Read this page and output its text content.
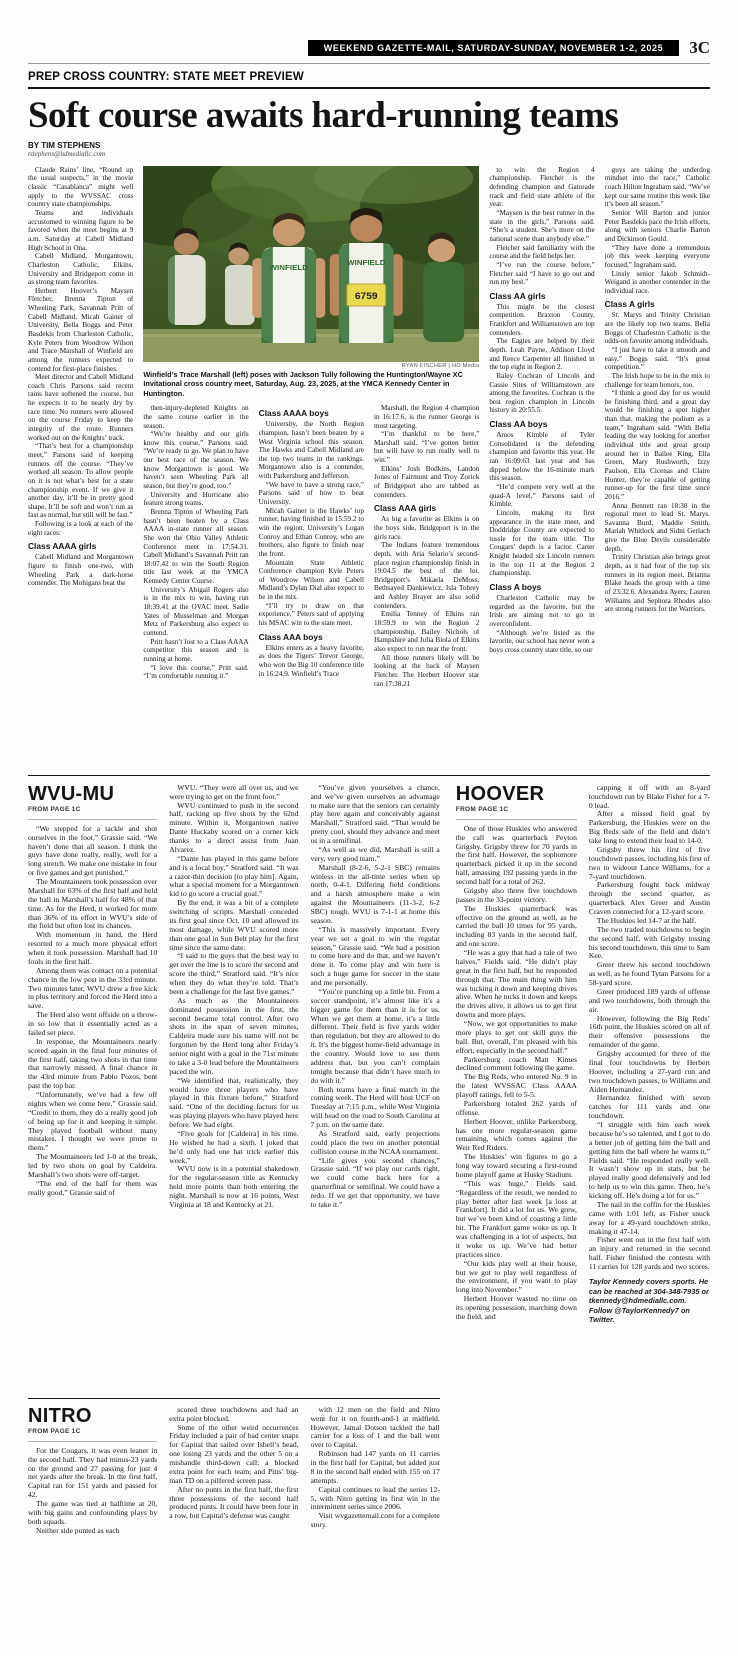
WEEKEND GAZETTE-MAIL, SATURDAY-SUNDAY, NOVEMBER 1-2, 2025	3C
PREP CROSS COUNTRY: STATE MEET PREVIEW
Soft course awaits hard-running teams
BY TIM STEPHENS
tstephens@hdmediallc.com

Claude Rains’ line, “Round up the usual suspects,” in the movie classic “Casablanca” might well apply to the WVSSAC cross country state championships.

Teams and individuals accustomed to winning figure to be favored when the meet begins at 9 a.m. Saturday at Cabell Midland High School in Ona.

Cabell Midland, Morgantown, Charleston Catholic, Elkins, University and Bridgeport come in as strong team favorites.

Herbert Hoover’s Maysen Fletcher, Brenna Tipton of Wheeling Park, Savannah Pritt of Cabell Midland, Micah Gainer of University, Bella Boggs and Peter Basdekis from Charleston Catholic, Kyle Peters from Woodrow Wilson and Trace Marshall of Winfield are among the runners expected to contend for first-place finishes.

Meet director and Cabell Midland coach Chris Parsons said recent rains have softened the course, but he expects it to be nearly dry by race time. No runners were allowed on the course Friday to keep the integrity of the route. Runners worked out on the Knights’ track.

“That’s best for a championship meet,” Parsons said of keeping runners off the course. “They’ve worked all season. To allow people on it is not what’s best for a state championship event. If we give it another day, it’ll be in pretty good shape. It’ll be soft and won’t run as fast as normal, but still will be fast.”

Following is a look at each of the eight races:

Class AAAA girls

Cabell Midland and Morgantown figure to finish one-two, with Wheeling Park a dark-horse contender. The Mohigans beat the

WINFIELD
WINFIELD
6759
RYAN FISCHER | HD Media
Winfield’s Trace Marshall (left) poses with Jackson Tully following the Huntington/Wayne XC Invitational cross country meet, Saturday, Aug. 23, 2025, at the YMCA Kennedy Center in Huntington.

then-injury-depleted Knights on the same course earlier in the season.

“We’re healthy and our girls know this course,” Parsons said. “We’re ready to go. We plan to have our best race of the season. We know Morgantown is good. We haven’t seen Wheeling Park all season, but they’re good, too.”

University and Hurricane also feature strong teams.

Brenna Tipton of Wheeling Park hasn’t been beaten by a Class AAAA in-state runner all season. She won the Ohio Valley Athletic Conference meet in 17:54.31. Cabell Midland’s Savannah Pritt ran 18:07.42 to win the South Region title last week at the YMCA Kennedy Center Course.

University’s Abigail Rogers also is in the mix to win, having run 18:39.41 at the OVAC meet. Sadie Yates of Musselman and Morgan Metz of Parkersburg also expect to contend.

Pritt hasn’t lost to a Class AAAA competitor this season and is running at home.

“I love this course,” Pritt said. “I’m comfortable running it.”

Class AAAA boys

University, the North Region champion, hasn’t been beaten by a West Virginia school this season. The Hawks and Cabell Midland are the top two teams in the rankings. Morgantown also is a contender, with Parkersburg and Jefferson.

“We have to have a strong race,” Parsons said of how to beat University.

Micah Gainer is the Hawks’ top runner, having finished in 15:59.2 to win the region. University’s Logan Conroy and Ethan Conroy, who are brothers, also figure to finish near the front.

Mountain State Athletic Conference champion Kyle Peters of Woodrow Wilson and Cabell Midland’s Dylan Dial also expect to be in the mix.

“I’ll try to draw on that experience,” Peters said of applying his MSAC win to the state meet.

Class AAA boys

Elkins enters as a heavy favorite, as does the Tigers’ Trevor George, who won the Big 10 conference title in 16:24.9. Winfield’s Trace

Marshall, the Region 4 champion in 16:17.6, is the runner George is most targeting.

“I’m thankful to be here,” Marshall said. “I’ve gotten better but will have to run really well to win.”

Elkins’ Josh Bodkins, Landon Jones of Fairmont and Troy Zorick of Bridgeport also are tabbed as contenders.

Class AAA girls

As big a favorite as Elkins is on the boys side, Bridgeport is in the girls race.

The Indians feature tremendous depth, with Aria Selario’s second-place region championship finish in 19:04.5 the best of the lot. Bridgeport’s Mikaela DeMoss, Bethsayed Dankiewicz, Isla Tobrey and Ashley Brayer are also solid contenders.

Emilia Tenney of Elkins ran 18:59.9 to win the Region 2 championship. Bailey Nichols of Hampshire and Julia Biola of Elkins also expect to run near the front.

All those runners likely will be looking at the back of Maysen Fletcher. The Herbert Hoover star ran 17:38.21

to win the Region 4 championship. Fletcher is the defending champion and Gatorade track and field state athlete of the year.

“Maysen is the best runner in the state in the girls,” Parsons said. “She’s a student. She’s more on the national scene than anybody else.”

Fletcher said familiarity with the course and the field helps her.

“I’ve run the course before,” Fletcher said “I have to go out and run my best.”

Class AA girls

This might be the closest competition. Braxton County, Frankfort and Williamstown are top contenders.

The Eagles are helped by their depth. Leah Payne, Addison Lloyd and Reece Carpenter all finished in the top eight in Region 2.

Raley Cochran of Lincoln and Cassie Sites of Williamstown are among the favorites. Cochran is the best region champion in Lincoln history in 20:55.5.

Class AA boys

Amos Kimble of Tyler Consolidated is the defending champion and favorite this year. He ran 16:09.63 last year and has dipped below the 16-minute mark this season.

“He’d compete very well at the quad-A level,” Parsons said of Kimble.

Lincoln, making its first appearance in the state meet, and Doddridge County are expected to tussle for the team title. The Cougars’ depth is a factor. Carter Knight headed six Lincoln runners in the top 11 at the Region 2 championship.

Class A boys

Charleston Catholic may be regarded as the favorite, but the Irish are aiming not to go in overconfident.

“Although we’re listed as the favorite, our school has never won a boys cross country state title, so our

guys are taking the underdog mindset into the race,” Catholic coach Hilton Ingraham said. “We’ve kept our same routine this week like it’s been all season.”

Senior Will Barton and junior Peter Basdekis pace the Irish efforts, along with seniors Charlie Barton and Dickinson Gould.

“They have done a tremendous job this week keeping everyone focused,” Ingraham said.

Linsly senior Jakob Schmidt-Weigand is another contender in the individual race.

Class A girls

St. Marys and Trinity Christian are the likely top two teams. Bella Boggs of Charleston Catholic is the odds-on favorite among individuals.

“I just have to take it smooth and easy,” Boggs said. “It’s great competition.”

The Irish hope to be in the mix to challenge for team honors, too.

“I think a good day for us would be finishing third, and a great day would be finishing a spot higher than that, making the podium as a team,” Ingraham said. “With Bella leading the way looking for another individual title and great group around her in Bailee King, Ella Green, Mary Rushworth, Izzy Paulson, Ella Cicenas and Claire Hunter, they’re capable of getting runner-up for the first time since 2016.”

Anna Bennett ran 18:38 in the regional meet to lead St. Marys. Savanna Burd, Maddie Smith, Mariah Whitlock and Sidni Gerlach give the Blue Devils considerable depth.

Trinity Christian also brings great depth, as it had four of the top six runners in its region meet. Brianna Blake heads the group with a time of 23:32.6. Alexandra Ayers, Lauren Williams and Sephora Rhodes also are strong runners for the Warriors.

WVU-MU
FROM PAGE 1C

“We stepped for a tackle and shot ourselves in the foot,” Grassie said. “We haven’t done that all season. I think the guys have done really, really, well for a long stretch. We make one mistake in four or five games and get punished.”

The Mountaineers took possession over Marshall for 63% of the first half and held the ball in Marshall’s half for 48% of that time. As for the Herd, it worked for more than 36% of its effort in WVU’s side of the field but often lost its chances.

With momentum in hand, the Herd resorted to a much more physical effort when it took possession. Marshall had 10 fouls in the first half.

Among them was contact on a potential chance in the low post in the 33rd minute. Two minutes later, WVU drew a free kick in plus territory and forced the Herd into a save.

The Herd also went offside on a throw-in so low that it essentially acted as a failed set piece.

In response, the Mountaineers nearly scored again in the final four minutes of the first half, taking two shots in that time that narrowly missed. A final chance in the 43rd minute from Pablo Pozos, bent past the top bar.

“Unfortunately, we’ve had a few off nights when we come here,” Grassie said. “Credit to them, they do a really good job of being up for it and keeping it simple. They played football without many mistakes. I thought we were prone to them.”

The Mountaineers led 1-0 at the break, led by two shots on goal by Caldeira. Marshall’s two shots were off-target.

“The end of the half for them was really good,” Grassie said of

WVU. “They were all over us, and we were trying to get on the front foot.”

WVU continued to push in the second half, racking up five shots by the 62nd minute. Within it, Morgantown native Dante Huckaby scored on a corner kick thanks to a direct assist from Juan Alvarez.

“Dante has played in this game before and is a local boy,” Stratford said. “It was a razor-thin decision [to play him]. Again, what a special moment for a Morgantown kid to go score a crucial goal.”

By the end, it was a bit of a complete switching of scripts. Marshall conceded its first goal since Oct. 10 and allowed its most damage, while WVU scored more than one goal in Sun Belt play for the first time since the same date.

“I said to the guys that the best way to get over the line is to score the second and score the third,” Stratford said. “It’s nice when they do what they’re told. That’s been a challenge for the last five games.”

As much as the Mountaineers dominated possession in the first, the second became total control. After two shots in the span of seven minutes, Caldeira made sure his name will not be forgotten by the Herd long after Friday’s senior night with a goal in the 71st minute to take a 3-0 lead before the Mountaineers paced the win.

“We identified that, realistically, they would have three players who have played in this fixture before,” Stratford said. “One of the deciding factors for us was playing players who have played here before. We had eight.

“Five goals for [Caldeira] in his time. He wished he had a sixth. I joked that he’d only had one hat trick earlier this week.”

WVU now is in a potential shakedown for the regular-season title as Kentucky held more points than both entering the night. Marshall is now at 16 points, West Virginia at 18 and Kentucky at 21.

“You’ve given yourselves a chance, and we’ve given ourselves an advantage to make sure that the seniors can certainly play here again and conceivably against Marshall,” Stratford said. “That would be pretty cool, should they advance and meet us in a semifinal.

“As well as we did, Marshall is still a very, very good team.”

Marshall (8-2-6, 5-2-1 SBC) remains winless in the all-time series when up north, 0-4-1. Differing field conditions and a harsh atmosphere make a win against the Mountaineers (11-3-2, 6-2 SBC) tough. WVU is 7-1-1 at home this season.

“This is massively important. Every year we set a goal to win the regular season,” Grassie said. “We had a position to come here and do that, and we haven’t done it. To come play and win here is such a huge game for soccer in the state and me personally.

“You’re punching up a little bit. From a soccer standpoint, it’s almost like it’s a bigger game for them than it is for us. When we get them at home, it’s a little different. Their field is five yards wider than regulation, but they are allowed to do it. It’s the biggest home-field advantage in the country. Would love to see them address that, but you can’t complain tonight because that didn’t have much to do with it.”

Both teams have a final match in the coming week. The Herd will host UCF on Tuesday at 7:15 p.m., while West Virginia will head on the road to South Carolina at 7 p.m. on the same date.

As Stratford said, early projections could place the two on another potential collision course in the NCAA tournament.

“Life gives you second chances,” Grassie said. “If we play our cards right, we could come back here for a quarterfinal or semifinal. We could have a redo. If we get that opportunity, we have to take it.”

NITRO
FROM PAGE 1C

For the Cougars, it was even leaner in the second half. They had minus-23 yards on the ground and 27 passing for just 4 net yards after the break. In the first half, Capital ran for 151 yards and passed for 42.

The game was tied at halftime at 20, with big gains and confounding plays by both squads.

Neither side punted as each

scored three touchdowns and had an extra point blocked.

Some of the other weird occurrences Friday included a pair of bad center snaps for Capital that sailed over Isbell’s head, one losing 23 yards and the other 5 on a mishandle third-down call; a blocked extra point for each team; and Pitts’ big-man TD on a pilfered screen pass.

After no punts in the first half, the first three possessions of the second half produced punts. It could have been four in a row, but Capital’s defense was caught

with 12 men on the field and Nitro went for it on fourth-and-1 at midfield. However, Jamal Dotson tackled the ball carrier for a loss of 1 and the ball went over to Capital.

Robinson had 147 yards on 11 carries in the first half for Capital, but added just 8 in the second half ended with 155 on 17 attempts.

Capital continues to lead the series 12-5, with Nitro getting its first win in the intermittent series since 2006.

Visit wvgazettemail.com for a complete story.

HOOVER
FROM PAGE 1C

One of those Huskies who answered the call was quarterback Peyton Grigsby. Grigsby threw for 70 yards in the first half. However, the sophomore quarterback picked it up in the second half, amassing 192 passing yards in the second half for a total of 262.

Grigsby also threw five touchdown passes in the 33-point victory.

The Huskies quarterback was effective on the ground as well, as he carried the ball 10 times for 95 yards, including 83 yards in the second half, and one score.

“He was a guy that had a tale of two halves,” Fields said. “He didn’t play great in the first half, but he responded through that. The main thing with him was tucking it down and keeping drives alive. When he tucks it down and keeps the drives alive, it allows us to get first downs and more plays.

“Now, we got opportunities to make more plays to get our skill guys the ball. But, overall, I’m pleased with his effort, especially in the second half.”

Parkersburg coach Matt Kimes declined comment following the game.

The Big Reds, who entered No. 9 in the latest WVSSAC Class AAAA playoff ratings, fell to 5-5.

Parkersburg totaled 262 yards of offense.

Herbert Hoover, unlike Parkersburg, has one more regular-season game remaining, which comes against the Weir Red Riders.

The Huskies’ win figures to go a long way toward securing a first-round home playoff game at Husky Stadium.

“This was huge,” Fields said. “Regardless of the result, we needed to play better after last week [a loss at Frankfort]. It did a lot for us. We grew, but we’ve been kind of coasting a little bit. The Frankfort game woke us up. It was challenging in a lot of aspects, but it woke us up. We’ve had better practices since.

“Our kids play well at their house, but we got to play well regardless of the environment, if you want to play long into November.”

Herbert Hoover wasted no time on its opening possession, marching down the field, and

capping it off with an 8-yard touchdown run by Blake Fisher for a 7-0 lead.

After a missed field goal by Parkersburg, the Huskies were on the Big Reds side of the field and didn’t take long to extend their lead to 14-0.

Grigsby threw his first of five touchdown passes, including his first of two to wideout Lance Williams, for a 7-yard touchdown.

Parkersburg fought back midway through the second quarter, as quarterback Alex Greer and Austin Craven connected for a 12-yard score.

The Huskies led 14-7 at the half.

The two traded touchdowns to begin the second half, with Grigsby tossing his second touchdown, this time to Sam Kee.

Greer threw his second touchdown as well, as he found Tytan Parsons for a 58-yard score.

Greer produced 189 yards of offense and two touchdowns, both through the air.

However, following the Big Reds’ 16th point, the Huskies scored on all of their offensive possessions the remainder of the game.

Grigsby accounted for three of the final four touchdowns by Herbert Hoover, including a 27-yard run and two touchdown passes, to Williams and Aiden Hernandez.

Hernandez finished with seven catches for 111 yards and one touchdown.

“I struggle with him each week because he’s so talented, and I got to do a better job of getting him the ball and getting him the ball where he wants it,” Fields said. “He responded really well. It wasn’t show up in stats, but he played really good defensively and led to help us to win this game. Then, he’s kicking off. He’s doing a lot for us.”

The nail in the coffin for the Huskies came with 1:01 left, as Fisher snuck away for a 49-yard touchdown strike, making it 47-14.

Fisher went out in the first half with an injury and returned in the second half. Fisher finished the contests with 11 carries for 128 yards and two scores.

Taylor Kennedy covers sports. He can be reached at 304-348-7935 or tkennedy@hdmediallc.com. Follow @TaylorKennedy7 on Twitter.
